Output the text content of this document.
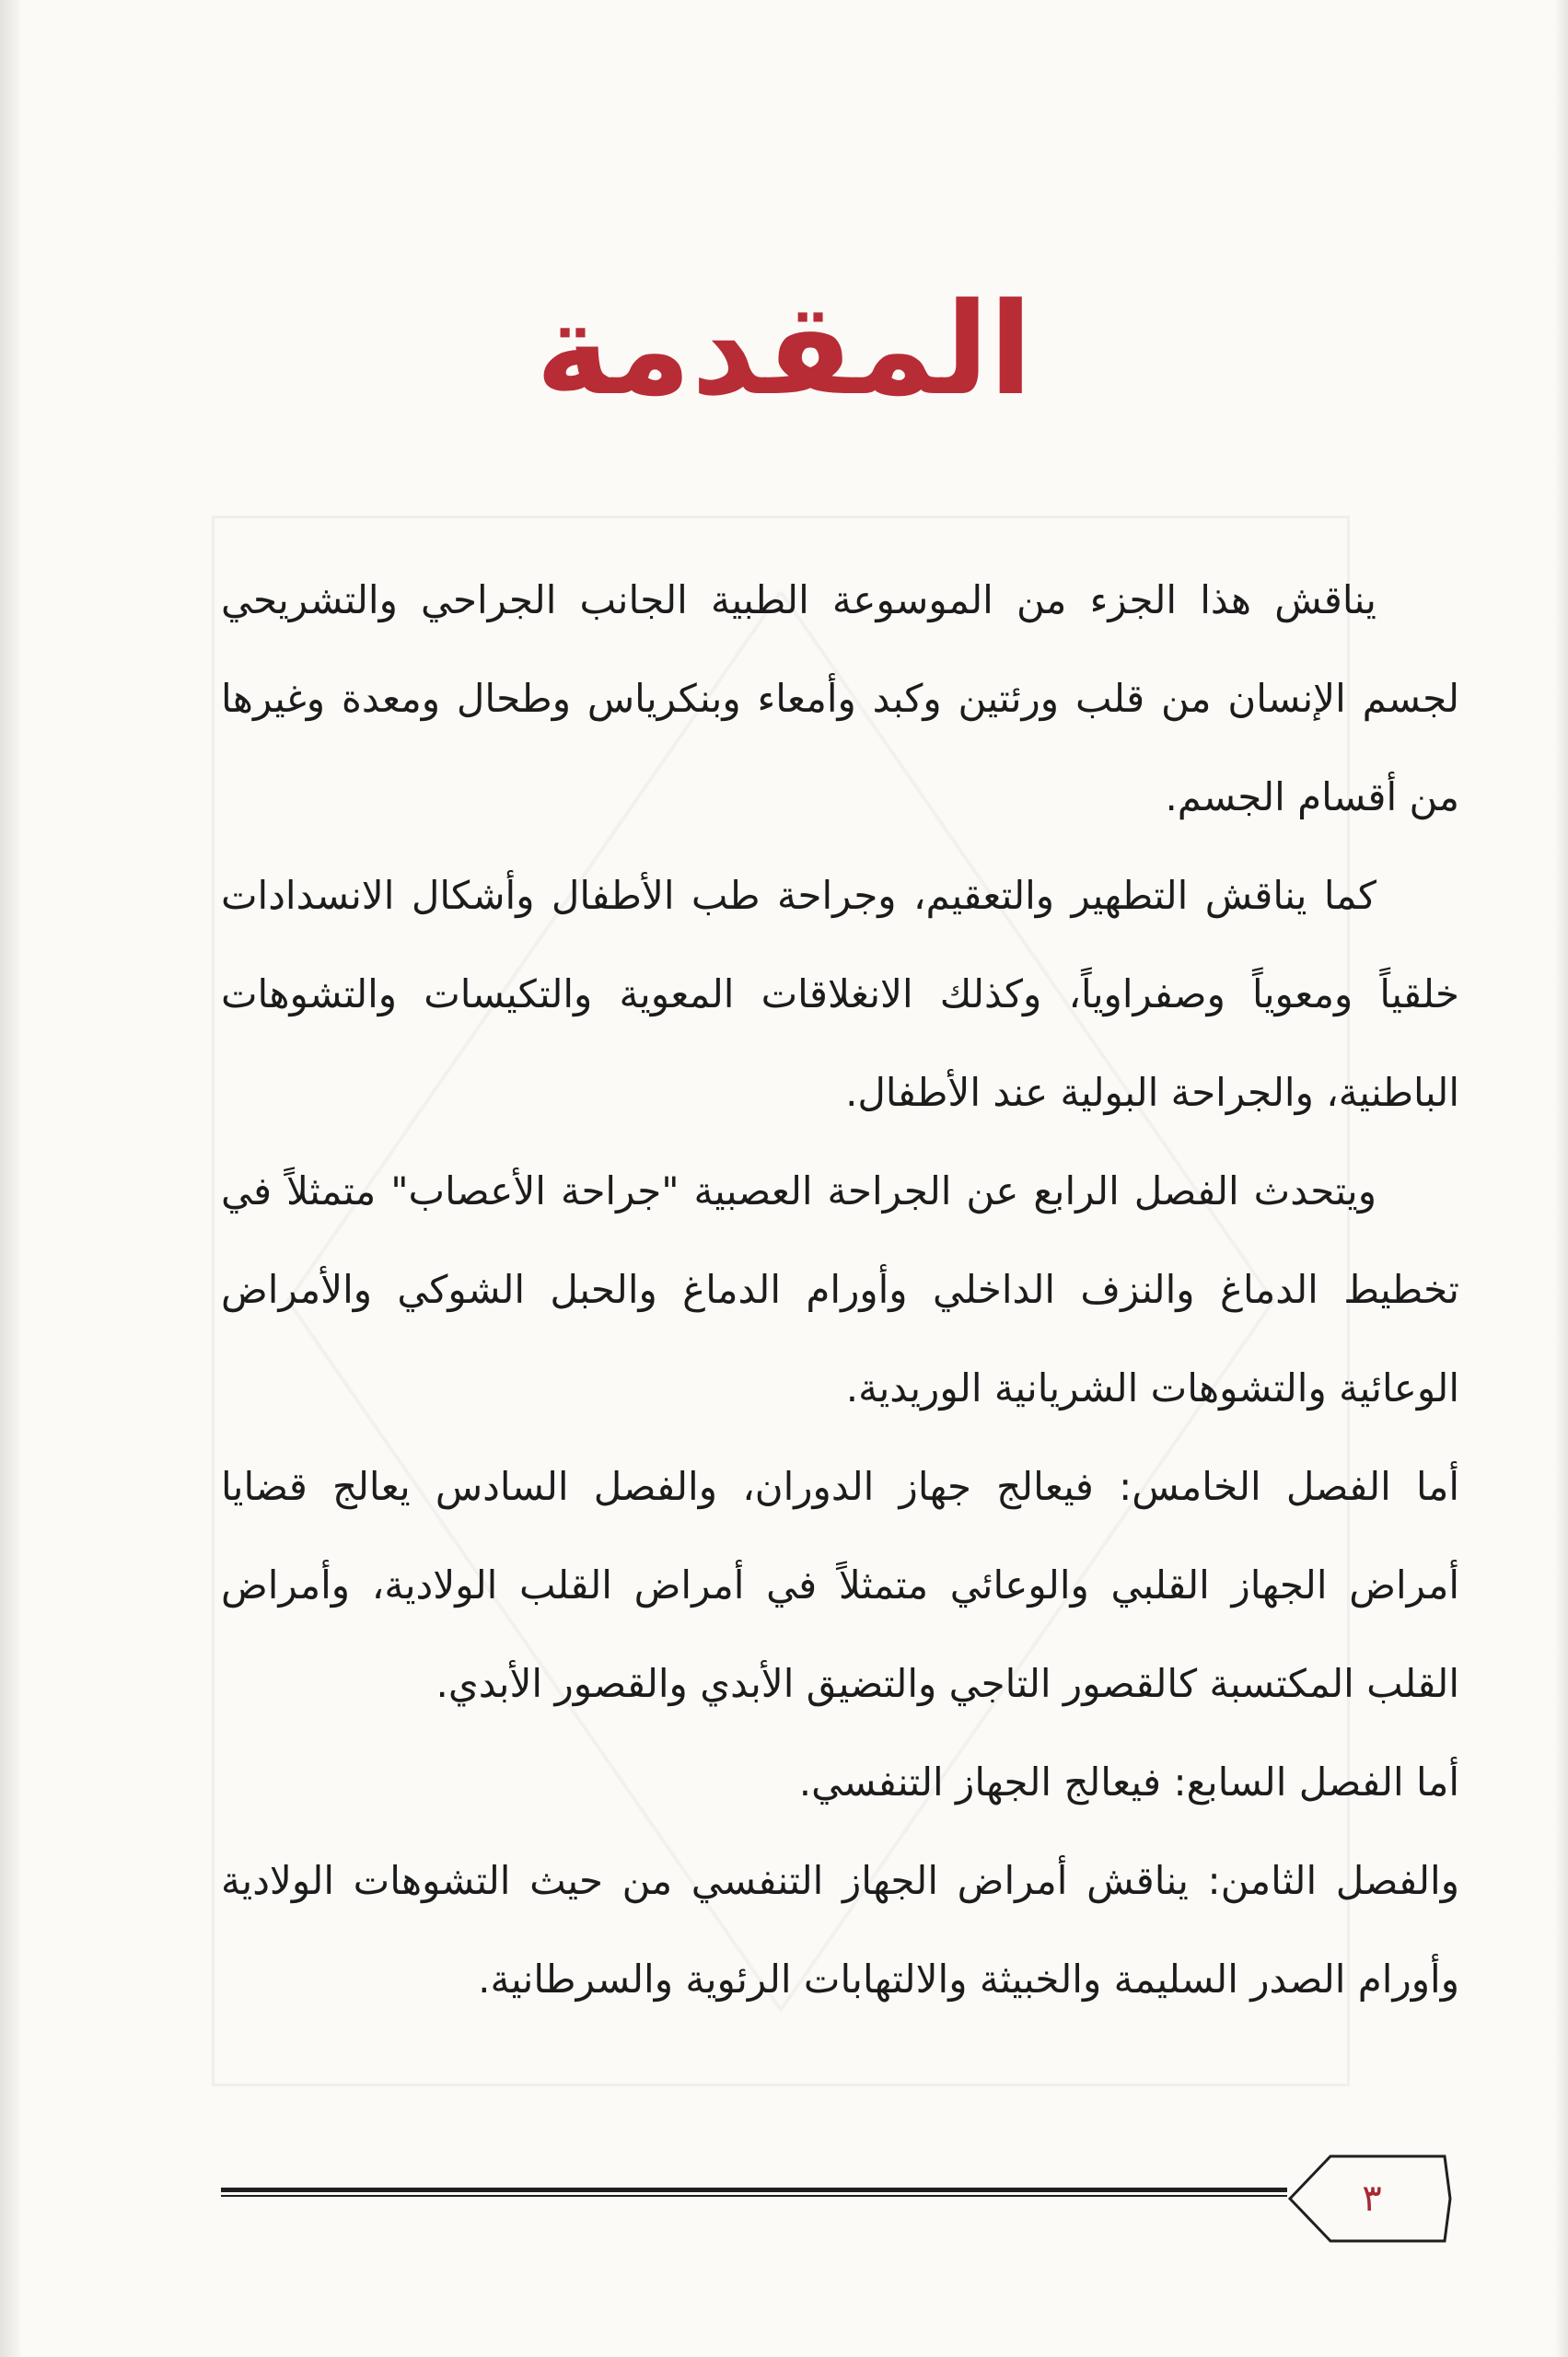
المقدمة

يناقش هذا الجزء من الموسوعة الطبية الجانب الجراحي والتشريحي لجسم الإنسان من قلب ورئتين وكبد وأمعاء وبنكرياس وطحال ومعدة وغيرها من أقسام الجسم.

كما يناقش التطهير والتعقيم، وجراحة طب الأطفال وأشكال الانسدادات خلقياً ومعوياً وصفراوياً، وكذلك الانغلاقات المعوية والتكيسات والتشوهات الباطنية، والجراحة البولية عند الأطفال.

ويتحدث الفصل الرابع عن الجراحة العصبية "جراحة الأعصاب" متمثلاً في تخطيط الدماغ والنزف الداخلي وأورام الدماغ والحبل الشوكي والأمراض الوعائية والتشوهات الشريانية الوريدية.

أما الفصل الخامس: فيعالج جهاز الدوران، والفصل السادس يعالج قضايا أمراض الجهاز القلبي والوعائي متمثلاً في أمراض القلب الولادية، وأمراض القلب المكتسبة كالقصور التاجي والتضيق الأبدي والقصور الأبدي.

أما الفصل السابع: فيعالج الجهاز التنفسي.

والفصل الثامن: يناقش أمراض الجهاز التنفسي من حيث التشوهات الولادية وأورام الصدر السليمة والخبيثة والالتهابات الرئوية والسرطانية.

٣
